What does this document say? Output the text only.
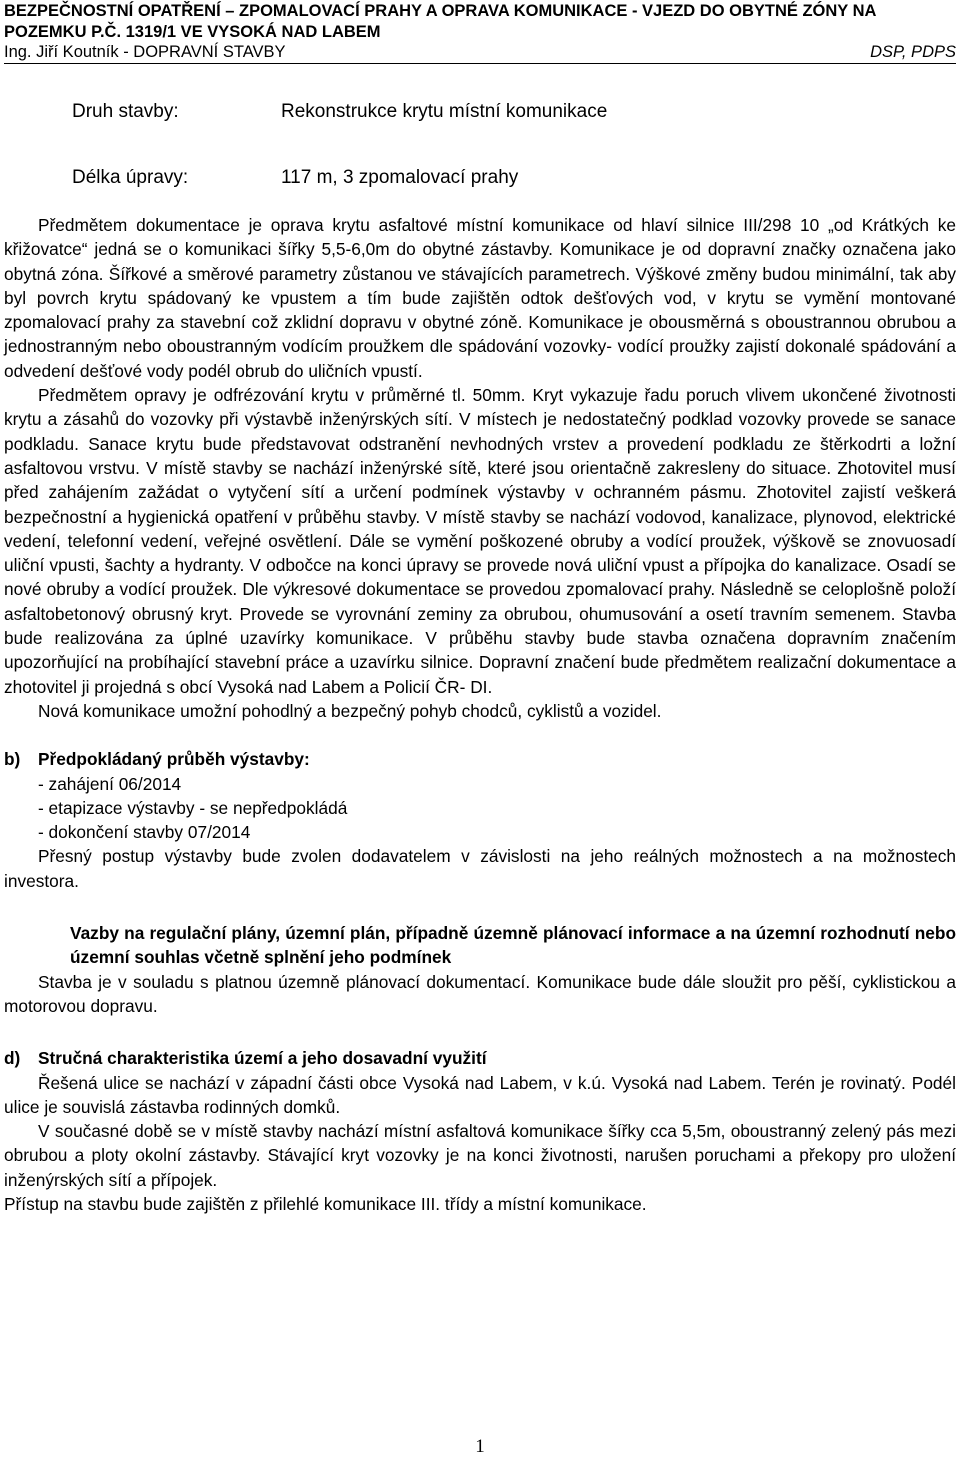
BEZPEČNOSTNÍ OPATŘENÍ – ZPOMALOVACÍ PRAHY A OPRAVA KOMUNIKACE - VJEZD DO OBYTNÉ ZÓNY NA POZEMKU P.Č. 1319/1 VE VYSOKÁ NAD LABEM

Ing. Jiří Koutník - DOPRAVNÍ STAVBY	DSP, PDPS
Druh stavby:	Rekonstrukce krytu místní komunikace
Délka úpravy:	117 m, 3 zpomalovací prahy

Předmětem dokumentace je oprava krytu asfaltové místní komunikace od hlaví silnice III/298 10 „od Krátkých ke křižovatce“ jedná se o komunikaci šířky 5,5-6,0m do obytné zástavby. Komunikace je od dopravní značky označena jako obytná zóna. Šířkové a směrové parametry zůstanou ve stávajících parametrech. Výškové změny budou minimální, tak aby byl povrch krytu spádovaný ke vpustem a tím bude zajištěn odtok dešťových vod, v krytu se vymění montované zpomalovací prahy za stavební což zklidní dopravu v obytné zóně. Komunikace je obousměrná s oboustrannou obrubou a jednostranným nebo oboustranným vodícím proužkem dle spádování vozovky- vodící proužky zajistí dokonalé spádování a odvedení dešťové vody podél obrub do uličních vpustí.

Předmětem opravy je odfrézování krytu v průměrné tl. 50mm. Kryt vykazuje řadu poruch vlivem ukončené životnosti krytu a zásahů do vozovky při výstavbě inženýrských sítí. V místech je nedostatečný podklad vozovky provede se sanace podkladu. Sanace krytu bude představovat odstranění nevhodných vrstev a provedení podkladu ze štěrkodrti a ložní asfaltovou vrstvu. V místě stavby se nachází inženýrské sítě, které jsou orientačně zakresleny do situace. Zhotovitel musí před zahájením zažádat o vytyčení sítí a určení podmínek výstavby v ochranném pásmu. Zhotovitel zajistí veškerá bezpečnostní a hygienická opatření v průběhu stavby. V místě stavby se nachází vodovod, kanalizace, plynovod, elektrické vedení, telefonní vedení, veřejné osvětlení. Dále se vymění poškozené obruby a vodící proužek, výškově se znovuosadí uliční vpusti, šachty a hydranty. V odbočce na konci úpravy se provede nová uliční vpust a přípojka do kanalizace. Osadí se nové obruby a vodící proužek. Dle výkresové dokumentace se provedou zpomalovací prahy. Následně se celoplošně položí asfaltobetonový obrusný kryt. Provede se vyrovnání zeminy za obrubou, ohumusování a osetí travním semenem. Stavba bude realizována za úplné uzavírky komunikace. V průběhu stavby bude stavba označena dopravním značením upozorňující na probíhající stavební práce a uzavírku silnice. Dopravní značení bude předmětem realizační dokumentace a zhotovitel ji projedná s obcí Vysoká nad Labem a Policií ČR- DI.

Nová komunikace umožní pohodlný a bezpečný pohyb chodců, cyklistů a vozidel.

b) Předpokládaný průběh výstavby:

- zahájení 06/2014

- etapizace výstavby - se nepředpokládá

- dokončení stavby 07/2014

Přesný postup výstavby bude zvolen dodavatelem v závislosti na jeho reálných možnostech a na možnostech investora.

Vazby na regulační plány, územní plán, případně územně plánovací informace a na územní rozhodnutí nebo územní souhlas včetně splnění jeho podmínek

Stavba je v souladu s platnou územně plánovací dokumentací. Komunikace bude dále sloužit pro pěší, cyklistickou a motorovou dopravu.

d) Stručná charakteristika území a jeho dosavadní využití

Řešená ulice se nachází v západní části obce Vysoká nad Labem, v k.ú. Vysoká nad Labem. Terén je rovinatý. Podél ulice je souvislá zástavba rodinných domků.

V současné době se v místě stavby nachází místní asfaltová komunikace šířky cca 5,5m, oboustranný zelený pás mezi obrubou a ploty okolní zástavby. Stávající kryt vozovky je na konci životnosti, narušen poruchami a překopy pro uložení inženýrských sítí a přípojek.

Přístup na stavbu bude zajištěn z přilehlé komunikace III. třídy a místní komunikace.

1
